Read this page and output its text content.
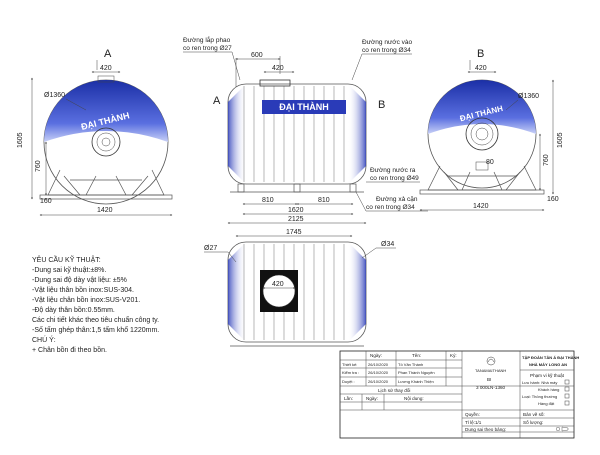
A
420
ĐẠI THÀNH
1605
760
Ø1360
160
1420
A	B
Đường lắp phao
co ren trong Ø27
Đường nước vào
co ren trong Ø34
600
420
ĐẠI THÀNH
Đường nước ra
co ren trong Ø49
Đường xả cặn
co ren trong Ø34
810	810
1620
2125
B
420
ĐẠI THÀNH
Ø1360
1605
760
80
160
1420
1745
420
Ø27
Ø34
YÊU CẦU KỸ THUẬT:
-Dung sai kỹ thuật:±8%.
-Dung sai độ dày vật liệu: ±5%
-Vật liệu thân bồn inox:SUS-304.
-Vật liệu chân bồn inox:SUS-V201.
-Độ dày thân bồn:0.55mm.
Các chi tiết khác theo tiêu chuẩn công ty.
-Số tấm ghép thân:1,5 tấm khổ 1220mm.
CHÚ Ý:
+ Chân bồn đi theo bồn.
Ngày:	Tên:	Ký:
Thiết kế:	26/10/2020 Tô Văn Thành
Kiểm tra : 26/10/2020 Phan Thành Nguyên
Duyệt :	26/10/2020 Lương Khánh Thiện
Lịch sử thay đổi
Lần:	Ngày:	Nội dung:
TANAMAITHANH
BI
3 000LN-1360
TẬP ĐOÀN TÂN Á ĐẠI THÀNH
NHÀ MÁY LONG AN
Phạm vi kỹ thuật
Lưu hành: Nhà máy
Khách hàng
Loại: Thông thường
Hàng đặt
Quyền:
Tỉ lệ:1/1
Dung sai theo bảng:
Bản vẽ số:
Số lượng:
